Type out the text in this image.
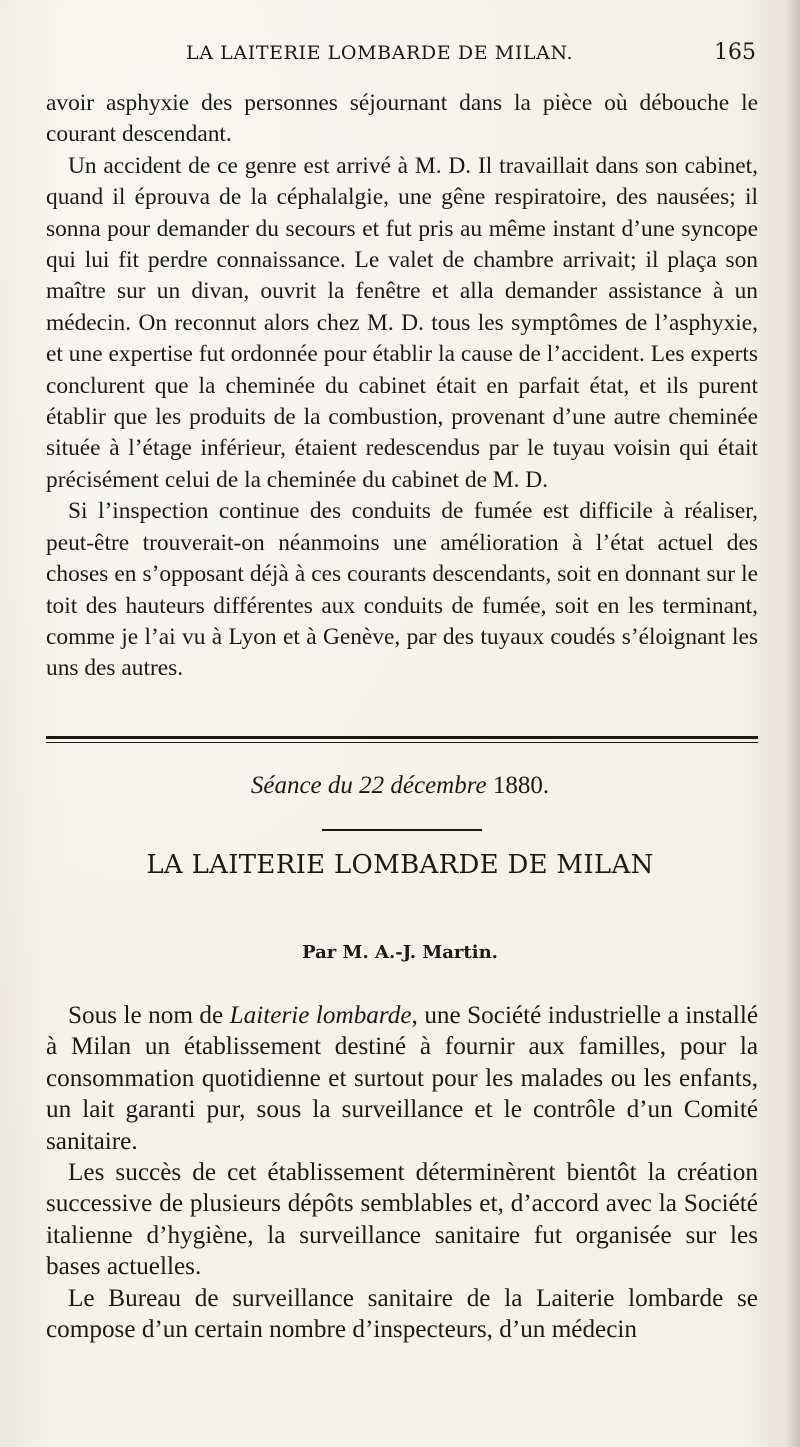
LA LAITERIE LOMBARDE DE MILAN.	165

avoir asphyxie des personnes séjournant dans la pièce où débouche le courant descendant.

Un accident de ce genre est arrivé à M. D. Il travaillait dans son cabinet, quand il éprouva de la céphalalgie, une gêne respiratoire, des nausées; il sonna pour demander du secours et fut pris au même instant d’une syncope qui lui fit perdre connaissance. Le valet de chambre arrivait; il plaça son maître sur un divan, ouvrit la fenêtre et alla demander assistance à un médecin. On reconnut alors chez M. D. tous les symptômes de l’asphyxie, et une expertise fut ordonnée pour établir la cause de l’accident. Les experts conclurent que la cheminée du cabinet était en parfait état, et ils purent établir que les produits de la combustion, provenant d’une autre cheminée située à l’étage inférieur, étaient redescendus par le tuyau voisin qui était précisément celui de la cheminée du cabinet de M. D.

Si l’inspection continue des conduits de fumée est difficile à réaliser, peut-être trouverait-on néanmoins une amélioration à l’état actuel des choses en s’opposant déjà à ces courants descendants, soit en donnant sur le toit des hauteurs différentes aux conduits de fumée, soit en les terminant, comme je l’ai vu à Lyon et à Genève, par des tuyaux coudés s’éloignant les uns des autres.

Séance du 22 décembre 1880.
LA LAITERIE LOMBARDE DE MILAN
Par M. A.-J. Martin.

Sous le nom de Laiterie lombarde, une Société industrielle a installé à Milan un établissement destiné à fournir aux familles, pour la consommation quotidienne et surtout pour les malades ou les enfants, un lait garanti pur, sous la surveillance et le contrôle d’un Comité sanitaire.

Les succès de cet établissement déterminèrent bientôt la création successive de plusieurs dépôts semblables et, d’accord avec la Société italienne d’hygiène, la surveillance sanitaire fut organisée sur les bases actuelles.

Le Bureau de surveillance sanitaire de la Laiterie lombarde se compose d’un certain nombre d’inspecteurs, d’un médecin
